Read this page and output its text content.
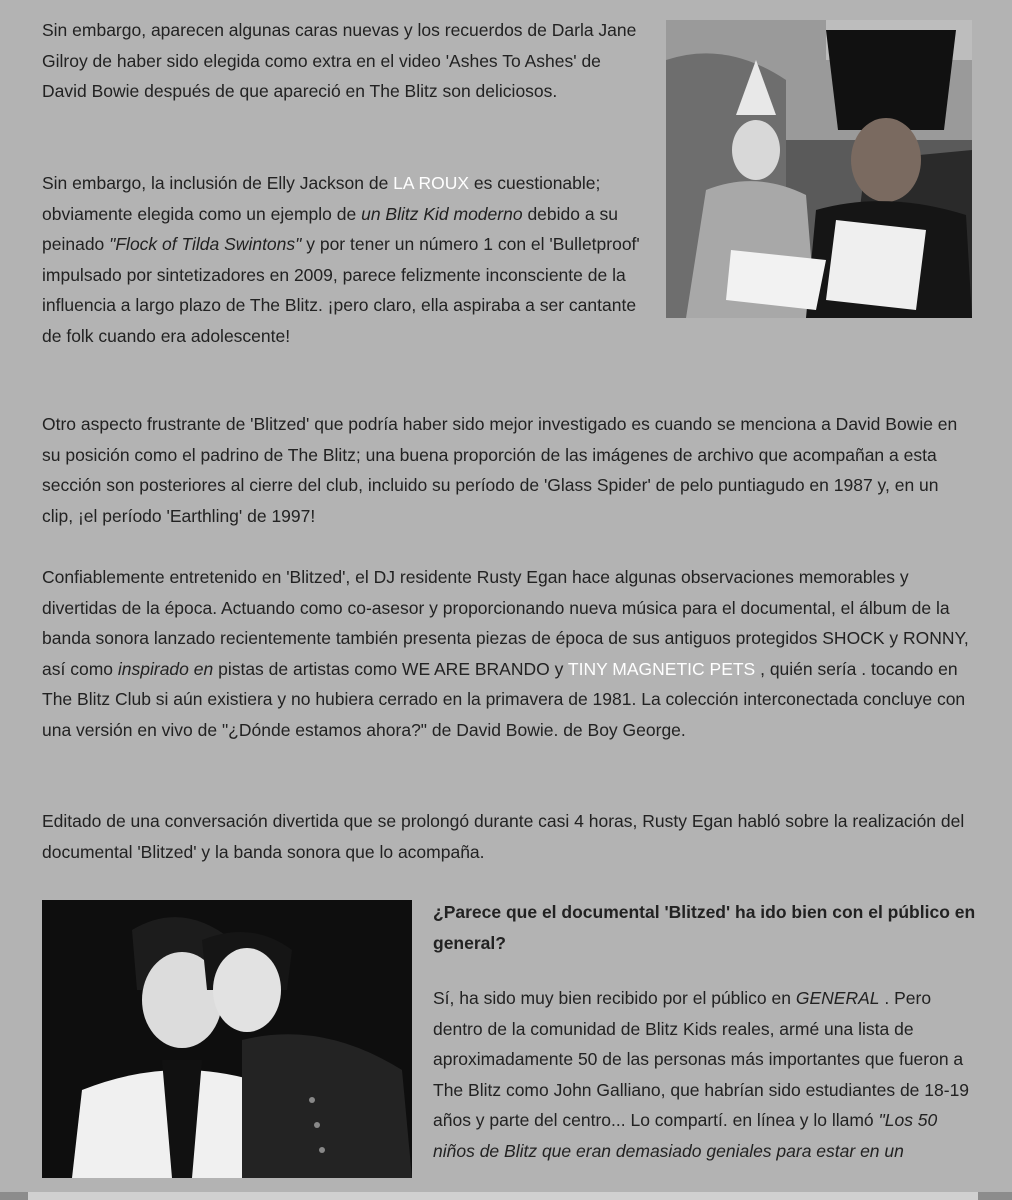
Sin embargo, aparecen algunas caras nuevas y los recuerdos de Darla Jane Gilroy de haber sido elegida como extra en el video 'Ashes To Ashes' de David Bowie después de que apareció en The Blitz son deliciosos.

Sin embargo, la inclusión de Elly Jackson de LA ROUX es cuestionable; obviamente elegida como un ejemplo de un Blitz Kid moderno debido a su peinado "Flock of Tilda Swintons" y por tener un número 1 con el 'Bulletproof' impulsado por sintetizadores en 2009, parece felizmente inconsciente de la influencia a largo plazo de The Blitz. ¡pero claro, ella aspiraba a ser cantante de folk cuando era adolescente!

Otro aspecto frustrante de 'Blitzed' que podría haber sido mejor investigado es cuando se menciona a David Bowie en su posición como el padrino de The Blitz; una buena proporción de las imágenes de archivo que acompañan a esta sección son posteriores al cierre del club, incluido su período de 'Glass Spider' de pelo puntiagudo en 1987 y, en un clip, ¡el período 'Earthling' de 1997!

Confiablemente entretenido en 'Blitzed', el DJ residente Rusty Egan hace algunas observaciones memorables y divertidas de la época. Actuando como co-asesor y proporcionando nueva música para el documental, el álbum de la banda sonora lanzado recientemente también presenta piezas de época de sus antiguos protegidos SHOCK y RONNY, así como inspirado en pistas de artistas como WE ARE BRANDO y TINY MAGNETIC PETS , quién sería . tocando en The Blitz Club si aún existiera y no hubiera cerrado en la primavera de 1981. La colección interconectada concluye con una versión en vivo de "¿Dónde estamos ahora?" de David Bowie. de Boy George.

Editado de una conversación divertida que se prolongó durante casi 4 horas, Rusty Egan habló sobre la realización del documental 'Blitzed' y la banda sonora que lo acompaña.

¿Parece que el documental 'Blitzed' ha ido bien con el público en general?

Sí, ha sido muy bien recibido por el público en GENERAL . Pero dentro de la comunidad de Blitz Kids reales, armé una lista de aproximadamente 50 de las personas más importantes que fueron a The Blitz como John Galliano, que habrían sido estudiantes de 18-19 años y parte del centro... Lo compartí. en línea y lo llamó "Los 50 niños de Blitz que eran demasiado geniales para estar en un
